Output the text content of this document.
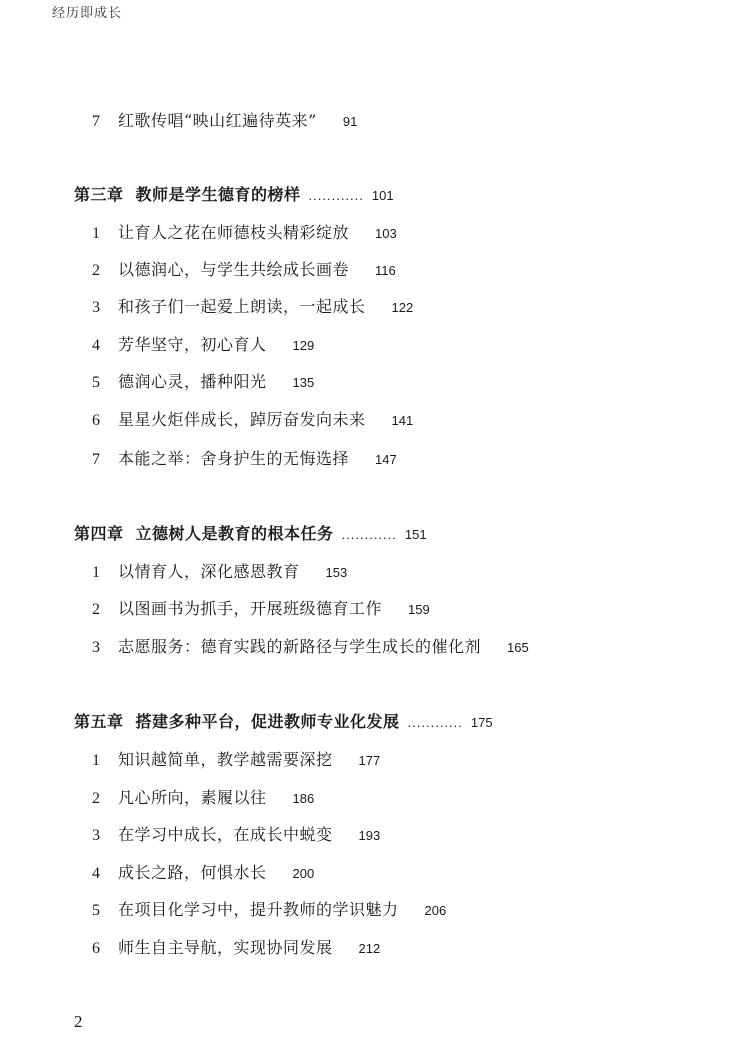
经历即成长
7 红歌传唱“映山红遍待英来” 91
第三章 教师是学生德育的榜样 ............ 101
1 让育人之花在师德枝头精彩绽放 103
2 以德润心，与学生共绘成长画卷 116
3 和孩子们一起爱上朗读，一起成长 122
4 芳华坚守，初心育人 129
5 德润心灵，播种阳光 135
6 星星火炬伴成长，踔厉奋发向未来 141
7 本能之举：舍身护生的无悔选择 147
第四章 立德树人是教育的根本任务 ............ 151
1 以情育人，深化感恩教育 153
2 以图画书为抓手，开展班级德育工作 159
3 志愿服务：德育实践的新路径与学生成长的催化剂 165
第五章 搭建多种平台，促进教师专业化发展 ............ 175
1 知识越简单，教学越需要深挖 177
2 凡心所向，素履以往 186
3 在学习中成长，在成长中蜕变 193
4 成长之路，何惧水长 200
5 在项目化学习中，提升教师的学识魅力 206
6 师生自主导航，实现协同发展 212
2
